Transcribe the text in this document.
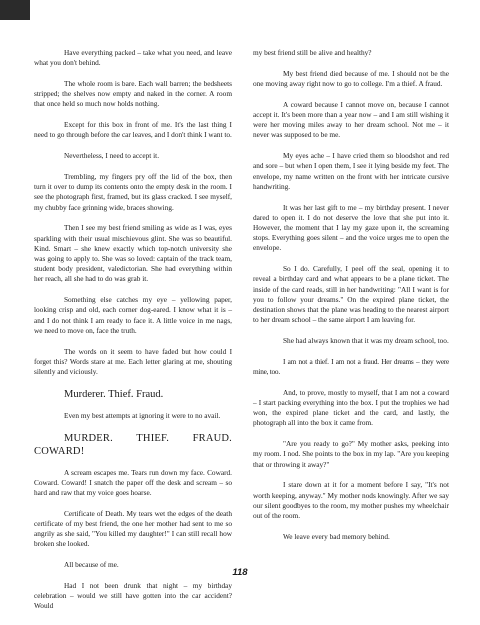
Have everything packed – take what you need, and leave what you don't behind.

The whole room is bare. Each wall barren; the bedsheets stripped; the shelves now empty and naked in the corner. A room that once held so much now holds nothing.

Except for this box in front of me. It's the last thing I need to go through before the car leaves, and I don't think I want to.

Nevertheless, I need to accept it.

Trembling, my fingers pry off the lid of the box, then turn it over to dump its contents onto the empty desk in the room. I see the photograph first, framed, but its glass cracked. I see myself, my chubby face grinning wide, braces showing.

Then I see my best friend smiling as wide as I was, eyes sparkling with their usual mischievous glint. She was so beautiful. Kind. Smart – she knew exactly which top-notch university she was going to apply to. She was so loved: captain of the track team, student body president, valedictorian. She had everything within her reach, all she had to do was grab it.

Something else catches my eye – yellowing paper, looking crisp and old, each corner dog-eared. I know what it is – and I do not think I am ready to face it. A little voice in me nags, we need to move on, face the truth.

The words on it seem to have faded but how could I forget this? Words stare at me. Each letter glaring at me, shouting silently and viciously.

Murderer. Thief. Fraud.

Even my best attempts at ignoring it were to no avail.

MURDER. THIEF. FRAUD. COWARD!

A scream escapes me. Tears run down my face. Coward. Coward. Coward! I snatch the paper off the desk and scream – so hard and raw that my voice goes hoarse.

Certificate of Death. My tears wet the edges of the death certificate of my best friend, the one her mother had sent to me so angrily as she said, "You killed my daughter!" I can still recall how broken she looked.

All because of me.

Had I not been drunk that night – my birthday celebration – would we still have gotten into the car accident? Would

my best friend still be alive and healthy?

My best friend died because of me. I should not be the one moving away right now to go to college. I'm a thief. A fraud.

A coward because I cannot move on, because I cannot accept it. It's been more than a year now – and I am still wishing it were her moving miles away to her dream school. Not me – it never was supposed to be me.

My eyes ache – I have cried them so bloodshot and red and sore – but when I open them, I see it lying beside my feet. The envelope, my name written on the front with her intricate cursive handwriting.

It was her last gift to me – my birthday present. I never dared to open it. I do not deserve the love that she put into it. However, the moment that I lay my gaze upon it, the screaming stops. Everything goes silent – and the voice urges me to open the envelope.

So I do. Carefully, I peel off the seal, opening it to reveal a birthday card and what appears to be a plane ticket. The inside of the card reads, still in her handwriting: "All I want is for you to follow your dreams." On the expired plane ticket, the destination shows that the plane was heading to the nearest airport to her dream school – the same airport I am leaving for.

She had always known that it was my dream school, too.

I am not a thief. I am not a fraud. Her dreams – they were mine, too.

And, to prove, mostly to myself, that I am not a coward – I start packing everything into the box. I put the trophies we had won, the expired plane ticket and the card, and lastly, the photograph all into the box it came from.

"Are you ready to go?" My mother asks, peeking into my room. I nod. She points to the box in my lap. "Are you keeping that or throwing it away?"

I stare down at it for a moment before I say, "It's not worth keeping, anyway." My mother nods knowingly. After we say our silent goodbyes to the room, my mother pushes my wheelchair out of the room.

We leave every bad memory behind.

118
